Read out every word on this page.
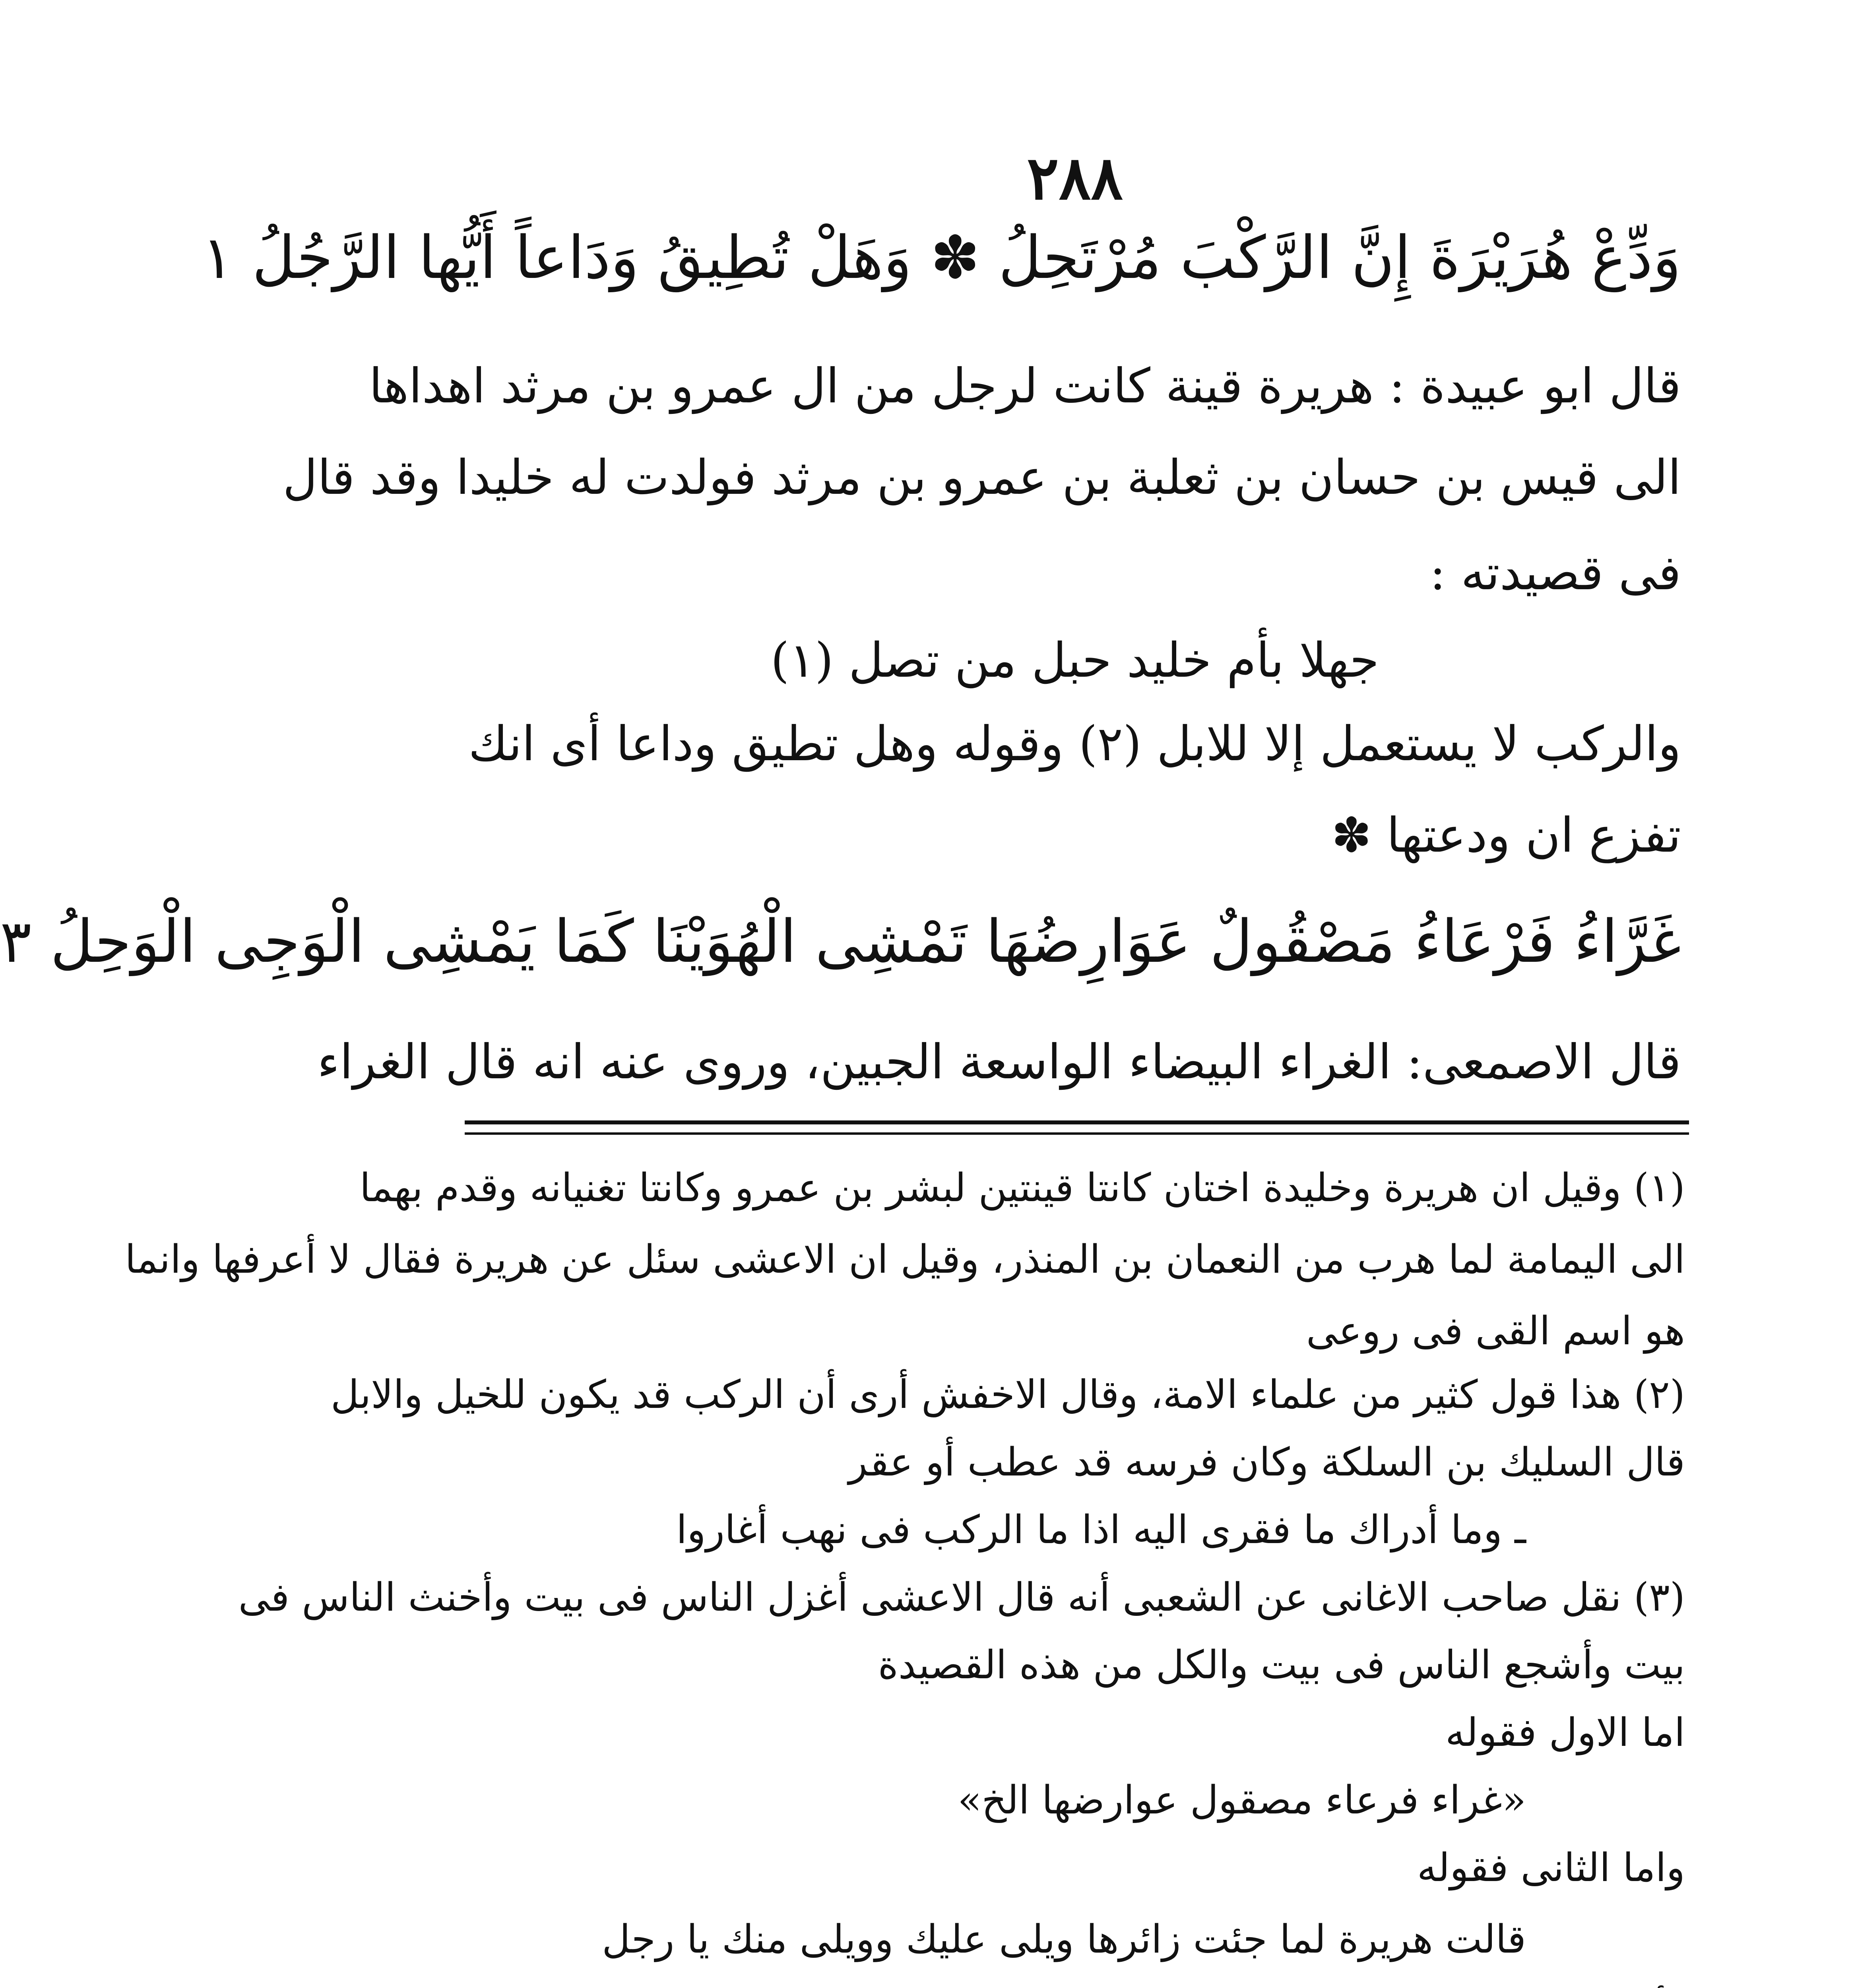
٢٨٨
وَدِّعْ هُرَيْرَةَ إِنَّ الرَّكْبَ مُرْتَحِلُ ✽ وَهَلْ تُطِيقُ وَدَاعاً أَيُّها الرَّجُلُ ١
قال ابو عبيدة : هريرة قينة كانت لرجل من ال عمرو بن مرثد اهداها
الى قيس بن حسان بن ثعلبة بن عمرو بن مرثد فولدت له خليدا وقد قال
فى قصيدته :
جهلا بأم خليد حبل من تصل (١)
والركب لا يستعمل إلا للابل (٢) وقوله وهل تطيق وداعا أى انك
تفزع ان ودعتها ✽
غَرَّاءُ فَرْعَاءُ مَصْقُولٌ عَوَارِضُهَا تَمْشِى الْهُوَيْنَا كَمَا يَمْشِى الْوَجِى الْوَحِلُ ٣
قال الاصمعى: الغراء البيضاء الواسعة الجبين، وروى عنه انه قال الغراء
(١) وقيل ان هريرة وخليدة اختان كانتا قينتين لبشر بن عمرو وكانتا تغنيانه وقدم بهما
الى اليمامة لما هرب من النعمان بن المنذر، وقيل ان الاعشى سئل عن هريرة فقال لا أعرفها وانما
هو اسم القى فى روعى
(٢) هذا قول كثير من علماء الامة، وقال الاخفش أرى أن الركب قد يكون للخيل والابل
قال السليك بن السلكة وكان فرسه قد عطب أو عقر
ـ وما أدراك ما فقرى اليه اذا ما الركب فى نهب أغاروا
(٣) نقل صاحب الاغانى عن الشعبى أنه قال الاعشى أغزل الناس فى بيت وأخنث الناس فى
بيت وأشجع الناس فى بيت والكل من هذه القصيدة
اما الاول فقوله
«غراء فرعاء مصقول عوارضها الخ»
واما الثانى فقوله
قالت هريرة لما جئت زائرها ويلى عليك وويلى منك يا رجل
